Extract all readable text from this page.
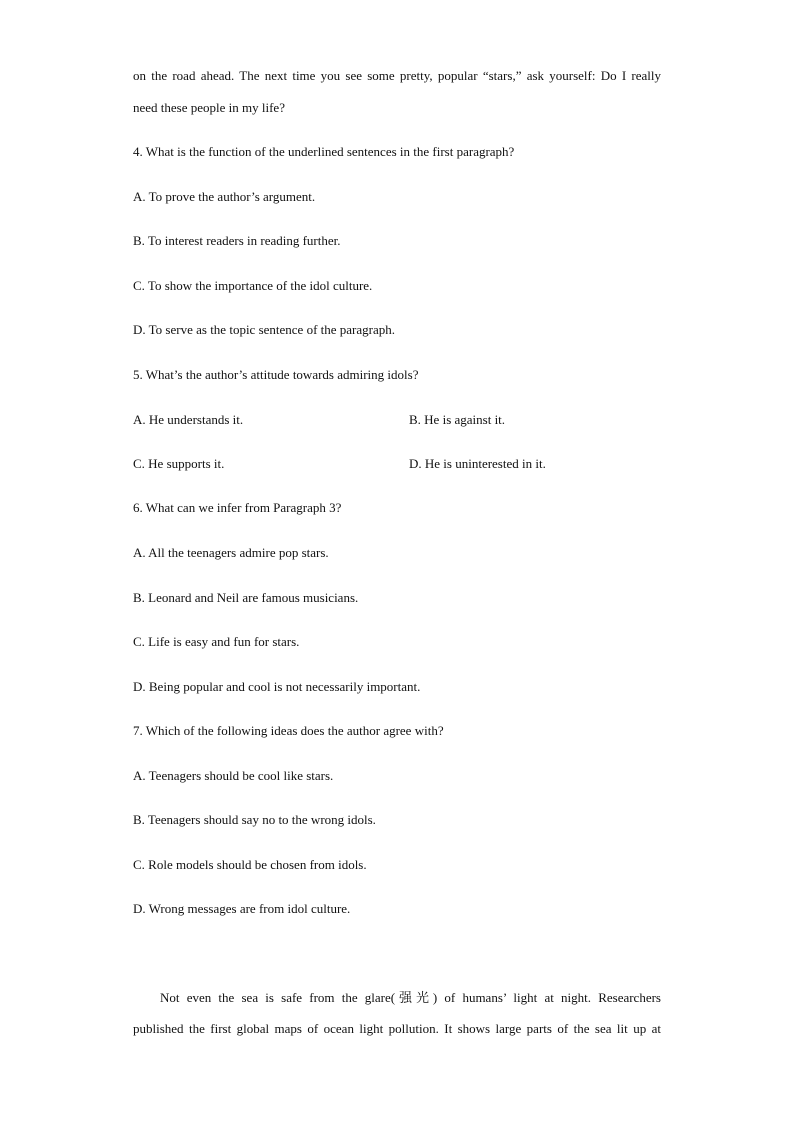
on the road ahead. The next time you see some pretty, popular “stars,” ask yourself: Do I really
need these people in my life?
4. What is the function of the underlined sentences in the first paragraph?
A. To prove the author’s argument.
B. To interest readers in reading further.
C. To show the importance of the idol culture.
D. To serve as the topic sentence of the paragraph.
5. What’s the author’s attitude towards admiring idols?
A. He understands it.	B. He is against it.
C. He supports it.	D. He is uninterested in it.
6. What can we infer from Paragraph 3?
A. All the teenagers admire pop stars.
B. Leonard and Neil are famous musicians.
C. Life is easy and fun for stars.
D. Being popular and cool is not necessarily important.
7. Which of the following ideas does the author agree with?
A. Teenagers should be cool like stars.
B. Teenagers should say no to the wrong idols.
C. Role models should be chosen from idols.
D. Wrong messages are from idol culture.
Not even the sea is safe from the glare(强光) of humans’ light at night. Researchers
published the first global maps of ocean light pollution. It shows large parts of the sea lit up at
